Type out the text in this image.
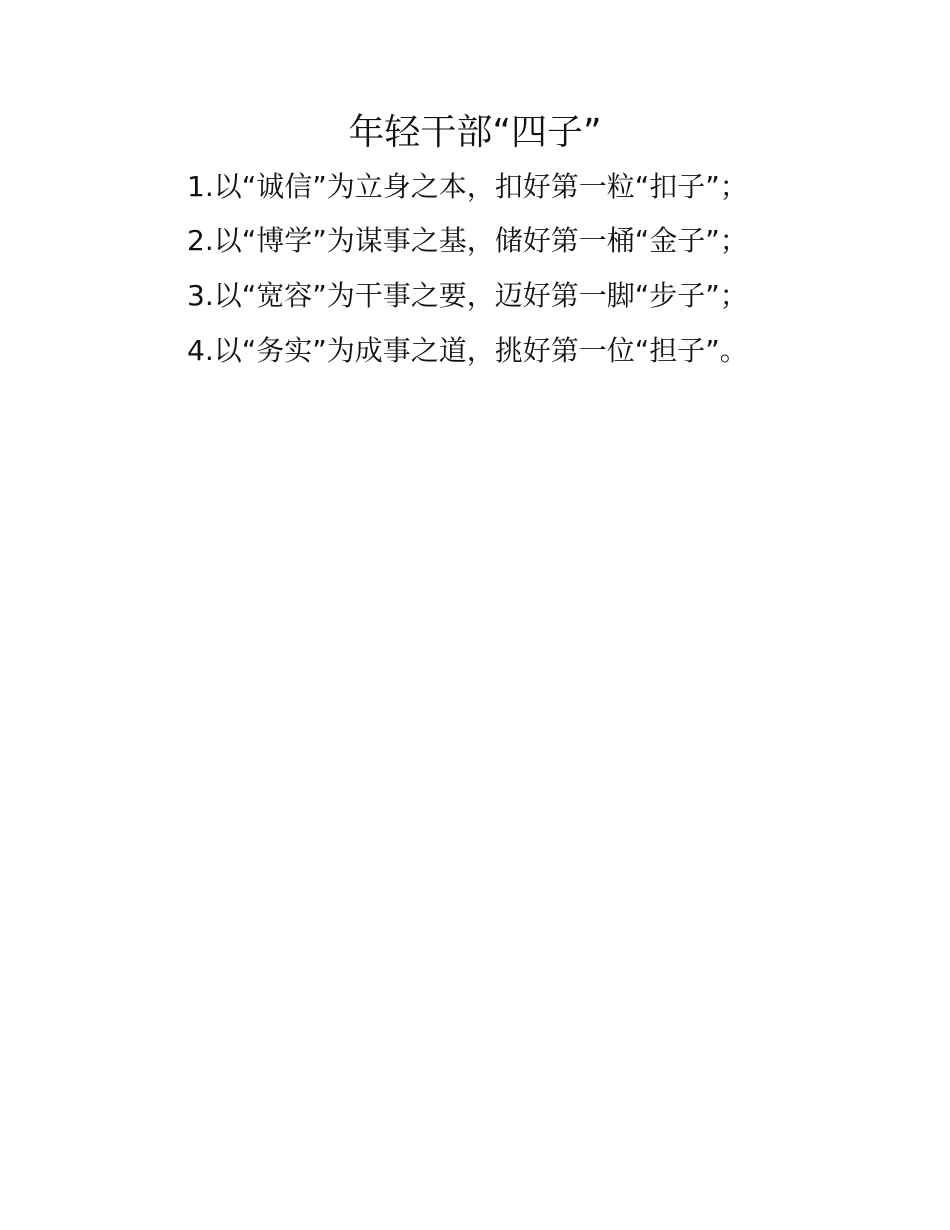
年轻干部“四子”

1.以“诚信”为立身之本，扣好第一粒“扣子”；

2.以“博学”为谋事之基，储好第一桶“金子”；

3.以“宽容”为干事之要，迈好第一脚“步子”；

4.以“务实”为成事之道，挑好第一位“担子”。
